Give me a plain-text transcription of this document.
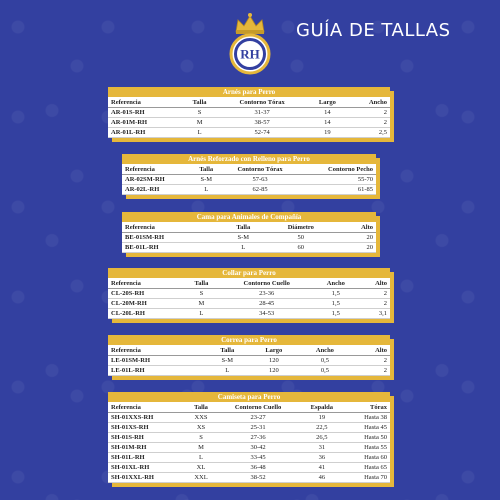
RH
GUÍA DE TALLAS
Arnés para Perro
Referencia	Talla	Contorno Tórax	Largo	Ancho
AR-01S-RH	S	31-37	14	2
AR-01M-RH	M	38-57	14	2
AR-01L-RH	L	52-74	19	2,5
Arnés Reforzado con Relleno para Perro
Referencia	Talla	Contorno Tórax	Contorno Pecho
AR-02SM-RH	S-M	57-63	55-70
AR-02L-RH	L	62-85	61-85
Cama para Animales de Compañía
Referencia	Talla	Diámetro	Alto
BE-01SM-RH	S-M	50	20
BE-01L-RH	L	60	20
Collar para Perro
Referencia	Talla	Contorno Cuello	Ancho	Alto
CL-20S-RH	S	23-36	1,5	2
CL-20M-RH	M	28-45	1,5	2
CL-20L-RH	L	34-53	1,5	3,1
Correa para Perro
Referencia	Talla	Largo	Ancho	Alto
LE-01SM-RH	S-M	120	0,5	2
LE-01L-RH	L	120	0,5	2
Camiseta para Perro
Referencia	Talla	Contorno Cuello	Espalda	Tórax
SH-01XXS-RH	XXS	23-27	19	Hasta 38
SH-01XS-RH	XS	25-31	22,5	Hasta 45
SH-01S-RH	S	27-36	26,5	Hasta 50
SH-01M-RH	M	30-42	31	Hasta 55
SH-01L-RH	L	33-45	36	Hasta 60
SH-01XL-RH	XL	36-48	41	Hasta 65
SH-01XXL-RH	XXL	38-52	46	Hasta 70
